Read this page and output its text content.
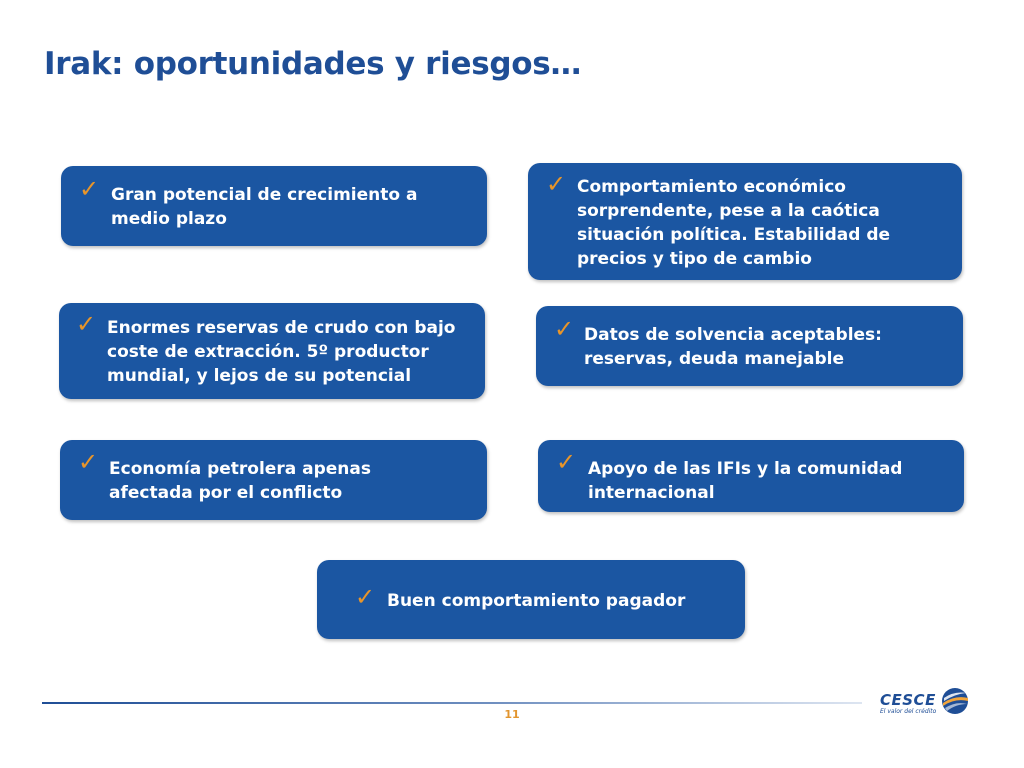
Irak: oportunidades y riesgos…
✓ Gran potencial de crecimiento a
medio plazo
✓ Comportamiento económico
sorprendente, pese a la caótica
situación política. Estabilidad de
precios y tipo de cambio
✓ Enormes reservas de crudo con bajo
coste de extracción. 5º productor
mundial, y lejos de su potencial
✓ Datos de solvencia aceptables:
reservas, deuda manejable
✓ Economía petrolera apenas
afectada por el conflicto
✓ Apoyo de las IFIs y la comunidad
internacional
✓ Buen comportamiento pagador
11
CESCE
El valor del crédito
